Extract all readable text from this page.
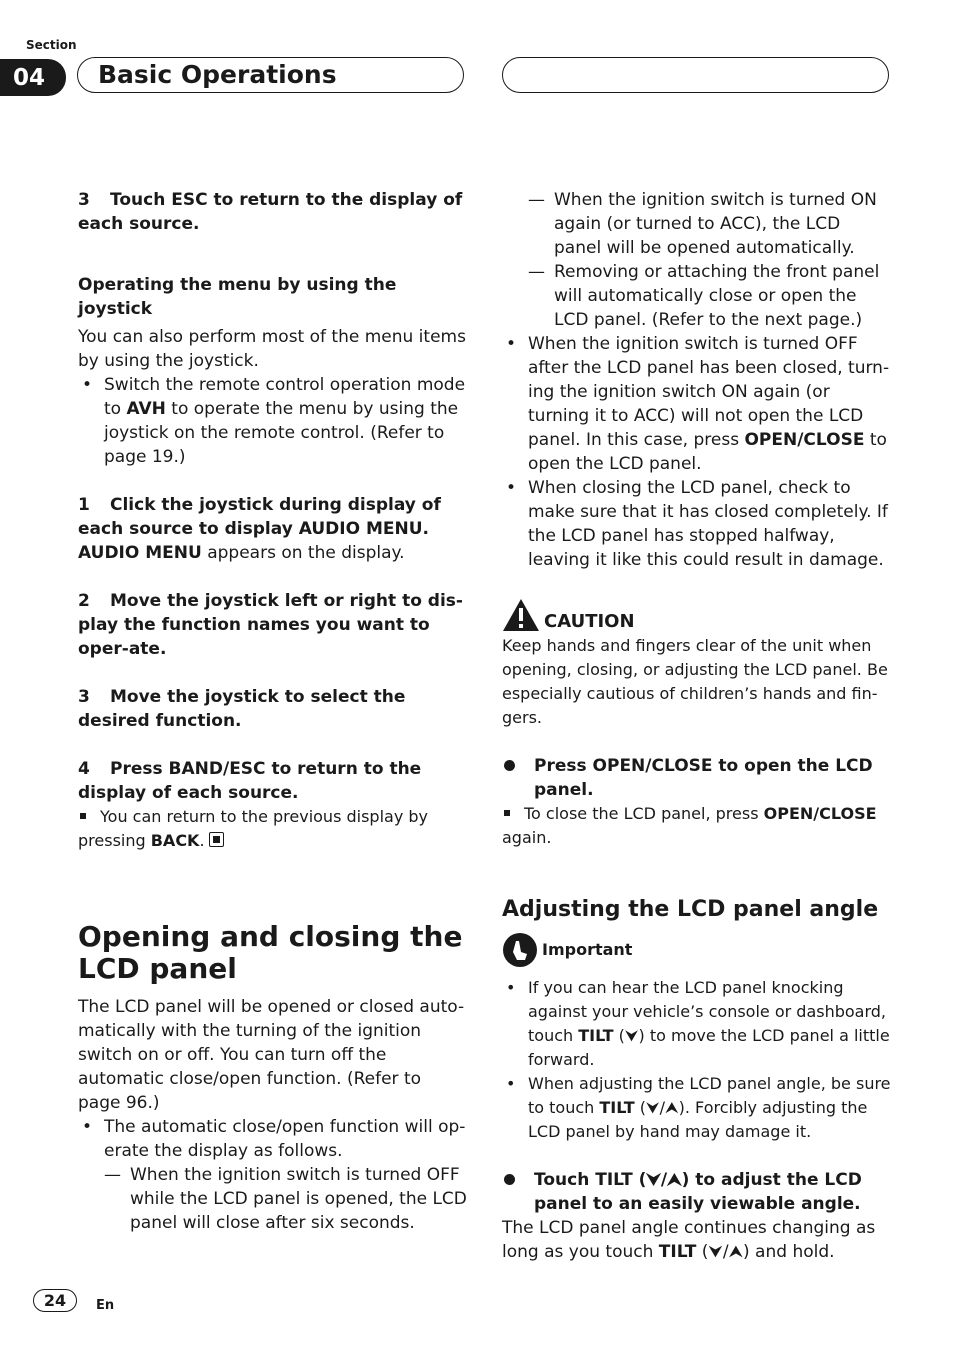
Section
04	Basic Operations

3 Touch ESC to return to the display of each source.

Operating the menu by using the joystick

You can also perform most of the menu items by using the joystick.

• Switch the remote control operation mode to AVH to operate the menu by using the joystick on the remote control. (Refer to page 19.)

1 Click the joystick during display of each source to display AUDIO MENU.

AUDIO MENU appears on the display.

2 Move the joystick left or right to dis-play the function names you want to oper-ate.

3 Move the joystick to select the desired function.

4 Press BAND/ESC to return to the display of each source.

You can return to the previous display by pressing BACK.

Opening and closing the LCD panel

The LCD panel will be opened or closed auto-matically with the turning of the ignition switch on or off. You can turn off the automatic close/open function. (Refer to page 96.)

• The automatic close/open function will op-erate the display as follows.

— When the ignition switch is turned OFF while the LCD panel is opened, the LCD panel will close after six seconds.

— When the ignition switch is turned ON again (or turned to ACC), the LCD panel will be opened automatically.

— Removing or attaching the front panel will automatically close or open the LCD panel. (Refer to the next page.)

• When the ignition switch is turned OFF after the LCD panel has been closed, turn-ing the ignition switch ON again (or turning it to ACC) will not open the LCD panel. In this case, press OPEN/CLOSE to open the LCD panel.

• When closing the LCD panel, check to make sure that it has closed completely. If the LCD panel has stopped halfway, leaving it like this could result in damage.

CAUTION

Keep hands and fingers clear of the unit when opening, closing, or adjusting the LCD panel. Be especially cautious of children’s hands and fin-gers.

Press OPEN/CLOSE to open the LCD panel.

To close the LCD panel, press OPEN/CLOSE again.

Adjusting the LCD panel angle

Important

• If you can hear the LCD panel knocking against your vehicle’s console or dashboard, touch TILT (⮟) to move the LCD panel a little forward.

• When adjusting the LCD panel angle, be sure to touch TILT (⮟/⮝). Forcibly adjusting the LCD panel by hand may damage it.

Touch TILT (⮟/⮝) to adjust the LCD panel to an easily viewable angle.

The LCD panel angle continues changing as long as you touch TILT (⮟/⮝) and hold.

24	En
